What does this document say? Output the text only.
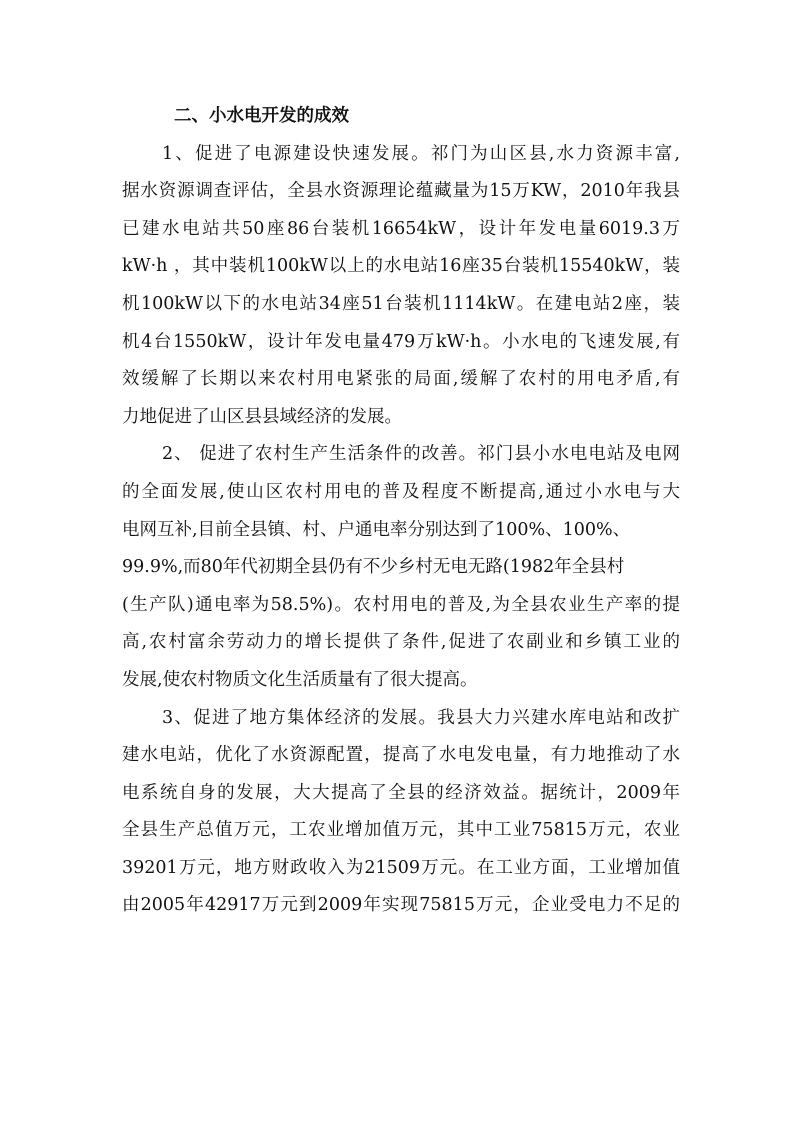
二、小水电开发的成效
1、促进了电源建设快速发展。祁门为山区县,水力资源丰富,
据水资源调查评估，全县水资源理论蕴藏量为15万KW，2010年我县
已建水电站共50座86台装机16654kW，设计年发电量6019.3万
kW·h ，其中装机100kW以上的水电站16座35台装机15540kW，装
机100kW以下的水电站34座51台装机1114kW。在建电站2座，装
机4台1550kW，设计年发电量479万kW·h。小水电的飞速发展,有
效缓解了长期以来农村用电紧张的局面,缓解了农村的用电矛盾,有
力地促进了山区县县域经济的发展。
2、 促进了农村生产生活条件的改善。祁门县小水电电站及电网
的全面发展,使山区农村用电的普及程度不断提高,通过小水电与大
电网互补,目前全县镇、村、户通电率分别达到了100%、100%、
99.9%,而80年代初期全县仍有不少乡村无电无路(1982年全县村
(生产队)通电率为58.5%)。农村用电的普及,为全县农业生产率的提
高,农村富余劳动力的增长提供了条件,促进了农副业和乡镇工业的
发展,使农村物质文化生活质量有了很大提高。
3、促进了地方集体经济的发展。我县大力兴建水库电站和改扩
建水电站，优化了水资源配置，提高了水电发电量，有力地推动了水
电系统自身的发展，大大提高了全县的经济效益。据统计，2009年
全县生产总值万元，工农业增加值万元，其中工业75815万元，农业
39201万元，地方财政收入为21509万元。在工业方面，工业增加值
由2005年42917万元到2009年实现75815万元，企业受电力不足的
